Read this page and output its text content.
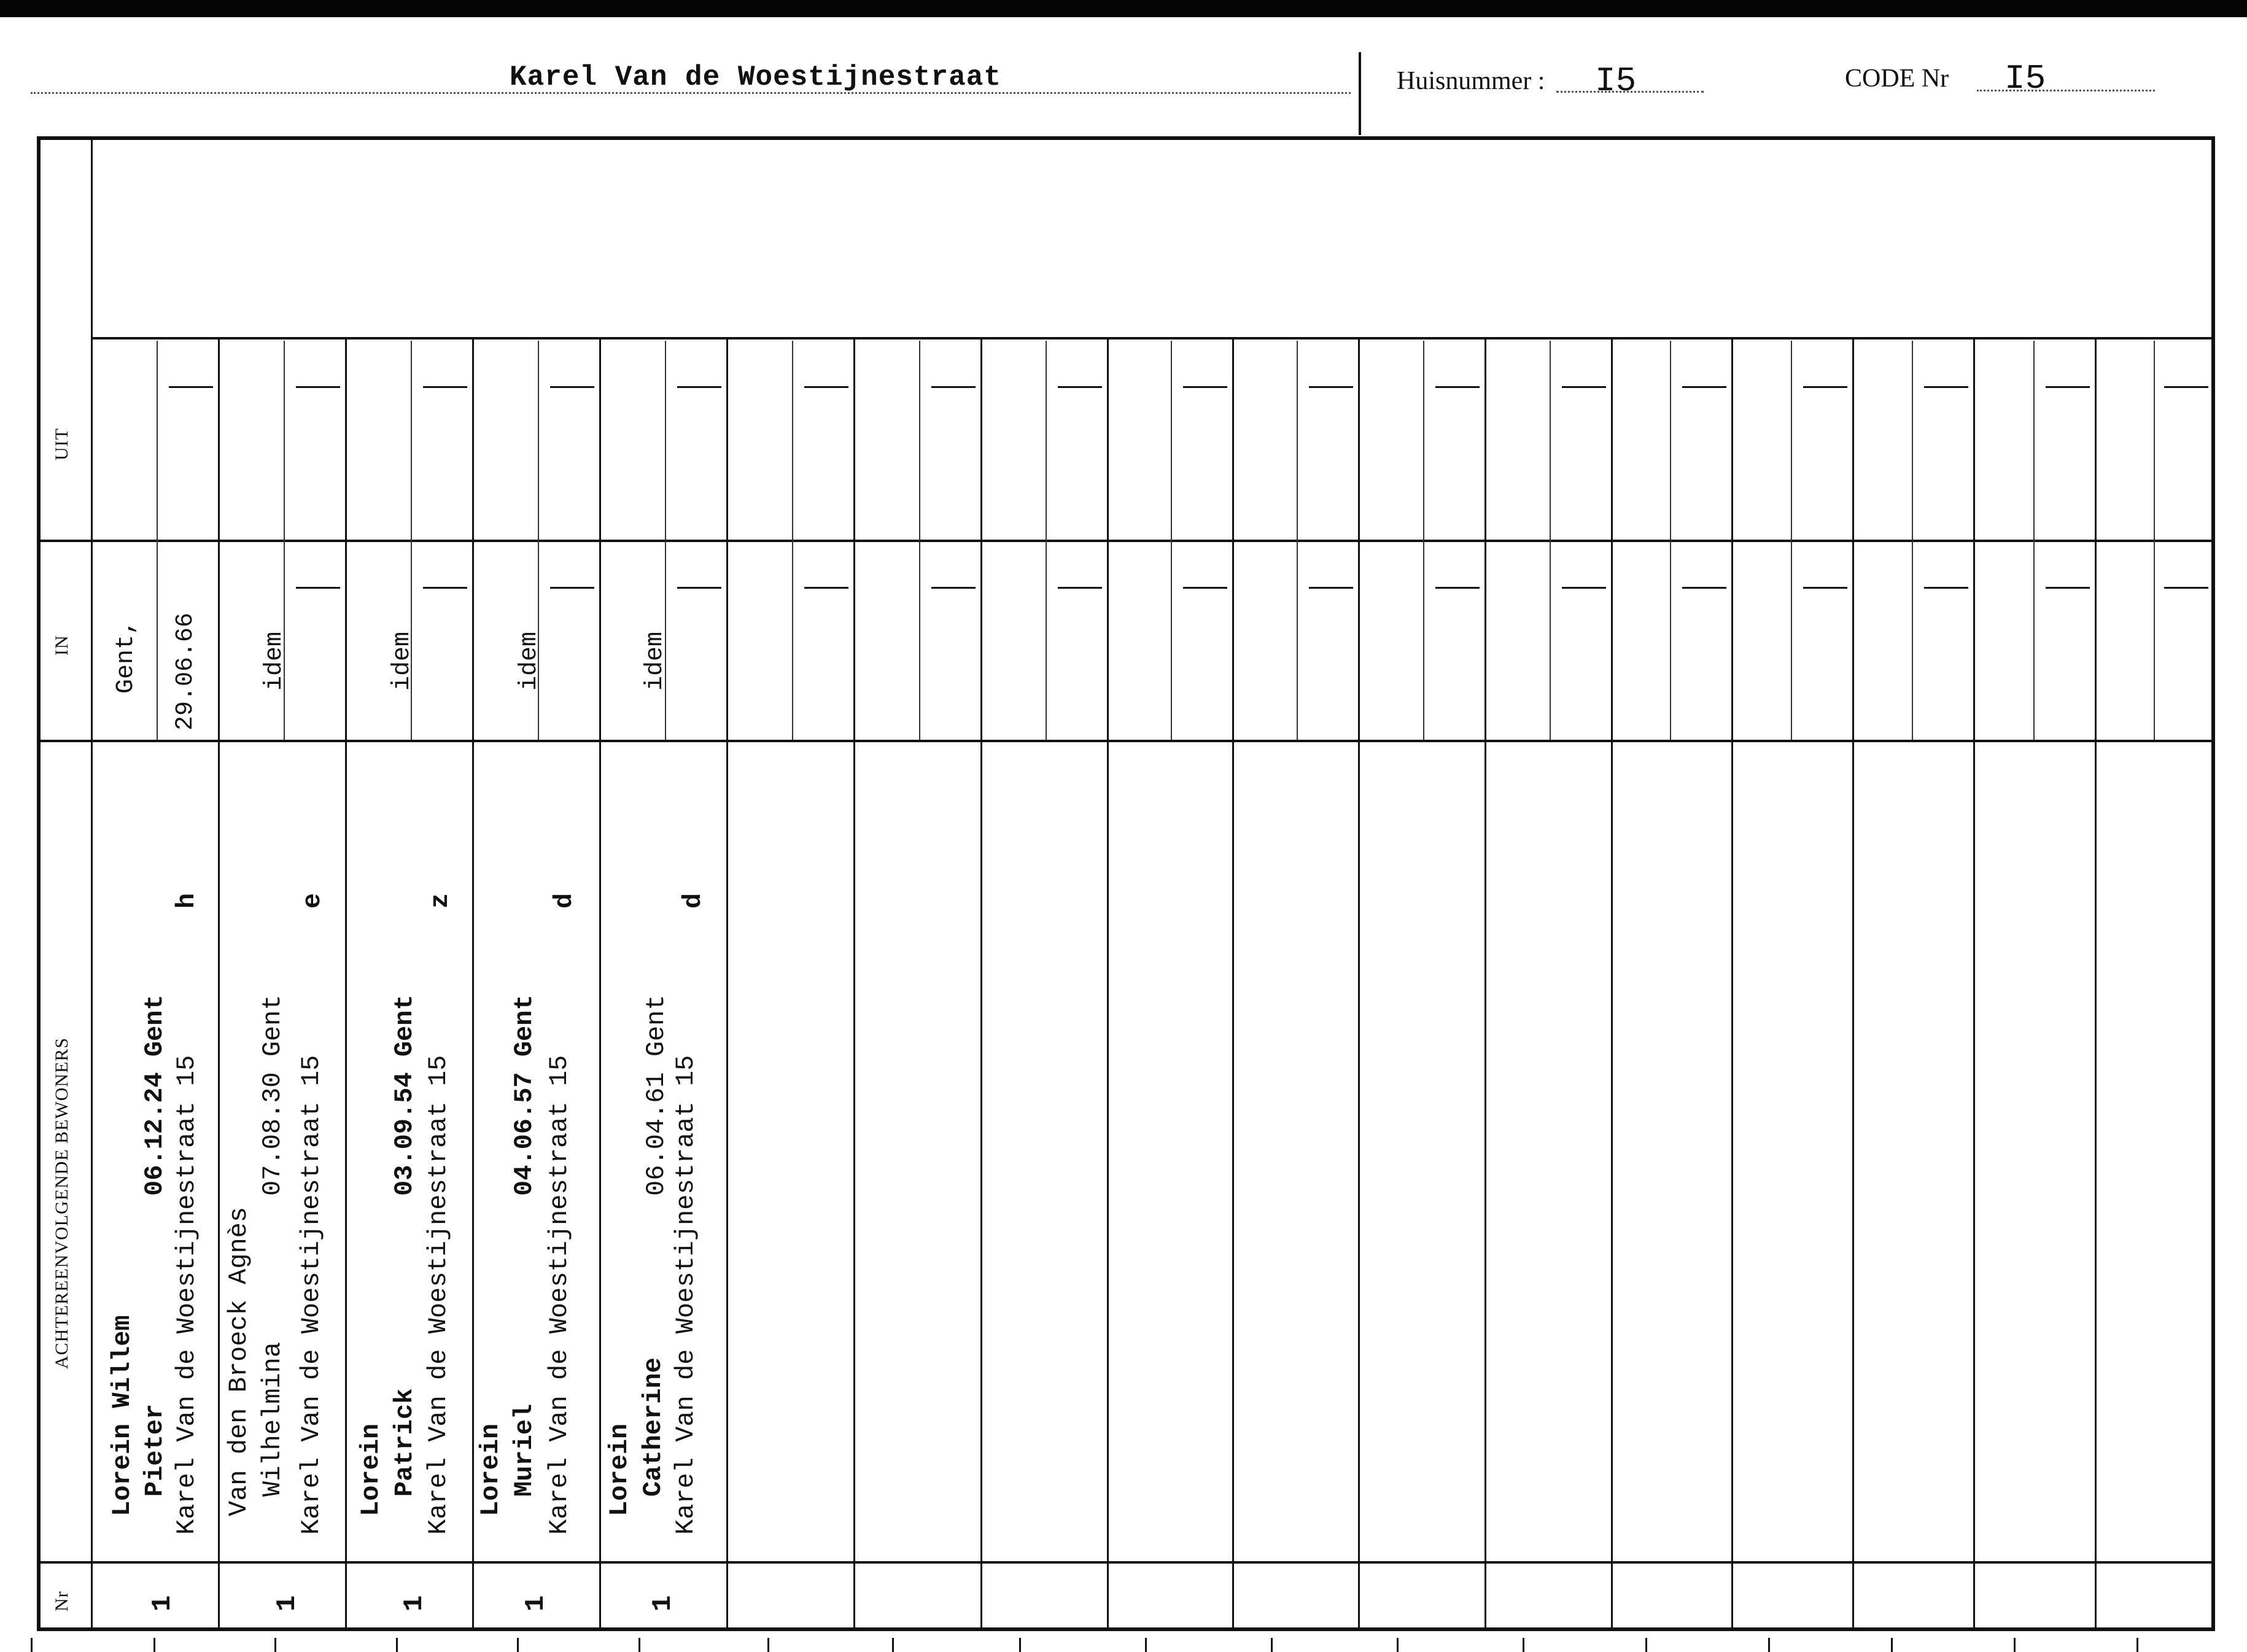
Karel Van de Woestijnestraat	Huisnummer : I5	CODE Nr I5
UIT
IN
ACHTEREENVOLGENDE BEWONERS
Nr
Lorein Willem Pieter
06.12.24 Gent Karel Van de Woestijnestraat 15
h
Gent, 29.06.66
1
Van den Broeck Agnès Wilhelmina
07.08.30 Gent Karel Van de Woestijnestraat 15
e
idem
1
Lorein Patrick
03.09.54 Gent Karel Van de Woestijnestraat 15
z
idem
1
Lorein Muriel
04.06.57 Gent Karel Van de Woestijnestraat 15
d
idem
1
Lorein Catherine
06.04.61 Gent Karel Van de Woestijnestraat 15
d
idem
1
